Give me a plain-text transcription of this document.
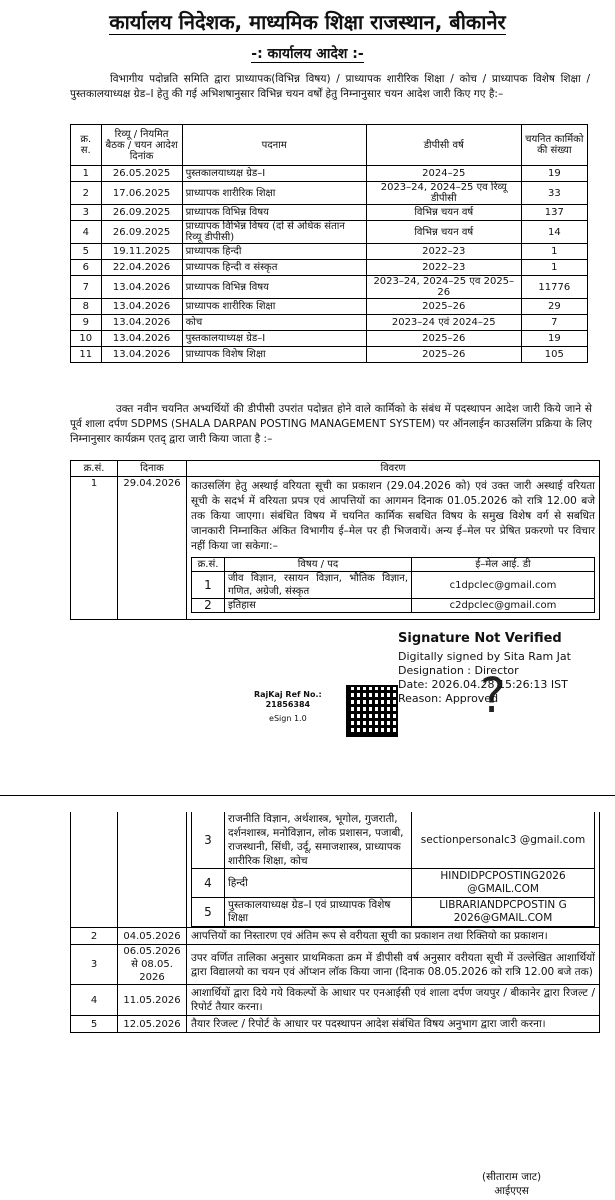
कार्यालय निदेशक, माध्यमिक शिक्षा राजस्थान, बीकानेर
-: कार्यालय आदेश :-
विभागीय पदोन्नति समिति द्वारा प्राध्यापक(विभिन्न विषय) / प्राध्यापक शारीरिक शिक्षा / कोच / प्राध्यापक विशेष शिक्षा / पुस्तकालयाध्यक्ष ग्रेड–I हेतु की गई अभिशषानुसार विभिन्न चयन वर्षों हेतु निम्नानुसार चयन आदेश जारी किए गए है:–
क्र. स.	रिव्यू / नियमित बैठक / चयन आदेश दिनांक	पदनाम	डीपीसी वर्ष	चयनित कार्मिको की संख्या
1	26.05.2025	पुस्तकालयाध्यक्ष ग्रेड–I	2024–25	19
2	17.06.2025	प्राध्यापक शारीरिक शिक्षा	2023–24, 2024–25 एव रिव्यू डीपीसी	33
3	26.09.2025	प्राध्यापक विभिन्न विषय	विभिन्न चयन वर्ष	137
4	26.09.2025	प्राध्यापक विभिन्न विषय (दो से अधिक संतान रिव्यू डीपीसी)	विभिन्न चयन वर्ष	14
5	19.11.2025	प्राध्यापक हिन्दी	2022–23	1
6	22.04.2026	प्राध्यापक हिन्दी व संस्कृत	2022–23	1
7	13.04.2026	प्राध्यापक विभिन्न विषय	2023–24, 2024–25 एव 2025–26	11776
8	13.04.2026	प्राध्यापक शारीरिक शिक्षा	2025–26	29
9	13.04.2026	कोच	2023–24 एवं 2024–25	7
10	13.04.2026	पुस्तकालयाध्यक्ष ग्रेड–I	2025–26	19
11	13.04.2026	प्राध्यापक विशेष शिक्षा	2025–26	105
उक्त नवीन चयनित अभ्यर्थियों की डीपीसी उपरांत पदोन्नत होने वाले कार्मिको के संबंध में पदस्थापन आदेश जारी किये जाने से पूर्व शाला दर्पण SDPMS (SHALA DARPAN POSTING MANAGEMENT SYSTEM) पर ऑनलाईन काउसलिंग प्रक्रिया के लिए निम्नानुसार कार्यक्रम एतद् द्वारा जारी किया जाता है :–
क्र.सं.	दिनाक	विवरण
1	29.04.2026	काउसलिंग हेतु अस्थाई वरियता सूची का प्रकाशन (29.04.2026 को) एवं उक्त जारी अस्थाई वरियता सूची के सदर्भ में वरियता प्रपत्र एवं आपत्तियों का आगमन दिनाक 01.05.2026 को रात्रि 12.00 बजे तक किया जाएगा। संबंधित विषय में चयनित कार्मिक सबधित विषय के समुख विशेष वर्ग से सबधित जानकारी निम्नाकित अंकित विभागीय ई–मेल पर ही भिजवायें। अन्य ई–मेल पर प्रेषित प्रकरणो पर विचार नहीं किया जा सकेगा:–
क्र.सं.	विषय / पद	ई–मेल आई. डी
1	जीव विज्ञान, रसायन विज्ञान, भौतिक विज्ञान, गणित, अग्रेजी, संस्कृत	c1dpclec@gmail.com
2	इतिहास	c2dpclec@gmail.com
?
Signature Not Verified
Digitally signed by Sita Ram Jat
Designation : Director
Date: 2026.04.28 15:26:13 IST
Reason: Approved
RajKaj Ref No.:
21856384
eSign 1.0

3	राजनीति विज्ञान, अर्थशास्त्र, भूगोल, गुजराती, दर्शनशास्त्र, मनोविज्ञान, लोक प्रशासन, पजाबी, राजस्थानी, सिंधी, उर्दू, समाजशास्त्र, प्राध्यापक शारीरिक शिक्षा, कोच	sectionpersonalc3 @gmail.com
4	हिन्दी	HINDIDPCPOSTING2026 @GMAIL.COM
5	पुस्तकालयाध्यक्ष ग्रेड–I एवं प्राध्यापक विशेष शिक्षा	LIBRARIANDPCPOSTIN G 2026@GMAIL.COM

2	04.05.2026	आपत्तियों का निस्तारण एवं अंतिम रूप से वरीयता सूची का प्रकाशन तथा रिक्तियो का प्रकाशन।
3	06.05.2026 से 08.05. 2026	उपर वर्णित तालिका अनुसार प्राथमिकता क्रम में डीपीसी वर्ष अनुसार वरीयता सूची में उल्लेखित आशार्थियों द्वारा विद्यालयो का चयन एवं ऑप्शन लॉक किया जाना (दिनाक 08.05.2026 को रात्रि 12.00 बजे तक)
4	11.05.2026	आशार्थियों द्वारा दिये गये विकल्पों के आधार पर एनआईसी एवं शाला दर्पण जयपुर / बीकानेर द्वारा रिजल्ट / रिपोर्ट तैयार करना।
5	12.05.2026	तैयार रिजल्ट / रिपोर्ट के आधार पर पदस्थापन आदेश संबंधित विषय अनुभाग द्वारा जारी करना।
(सीताराम जाट)
आईएएस
